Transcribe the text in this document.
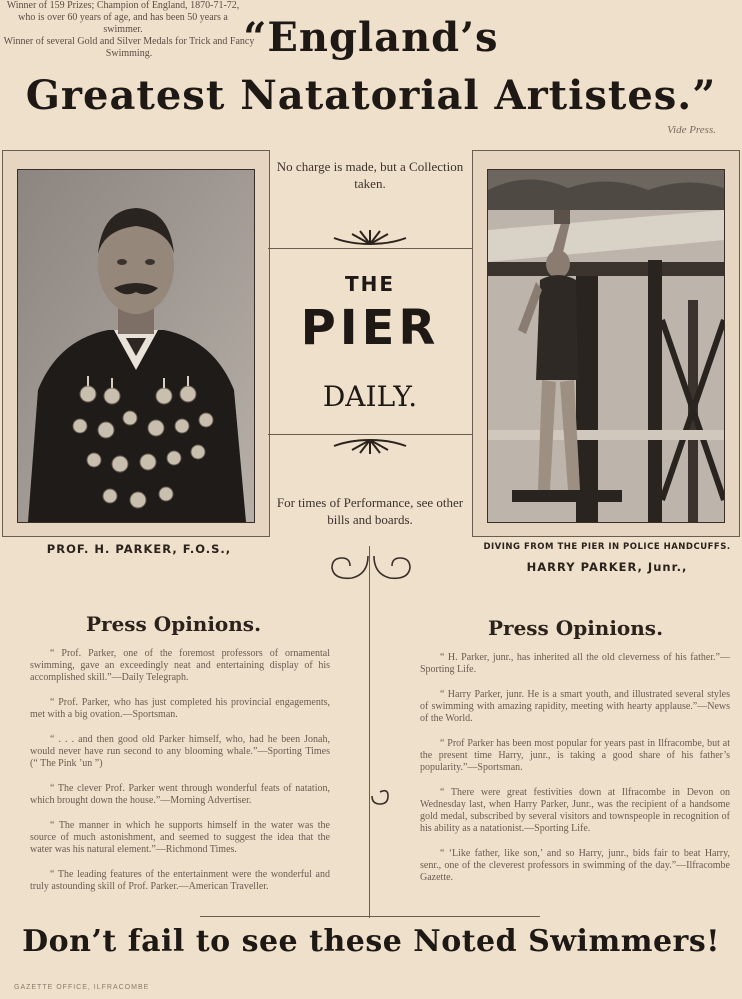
“England’s
Greatest Natatorial Artistes.”
Vide Press.
No charge is made, but a Collection taken.
THE
PIER
DAILY.
For times of Performance, see other bills and boards.
PROF. H. PARKER, F.O.S.,
Winner of 159 Prizes; Champion of England, 1870-71-72, who is over 60 years of age, and has been 50 years a swimmer.
DIVING FROM THE PIER IN POLICE HANDCUFFS.
HARRY PARKER, Junr.,
Winner of several Gold and Silver Medals for Trick and Fancy Swimming.
Press Opinions.

“ Prof. Parker, one of the foremost professors of ornamental swimming, gave an exceedingly neat and entertaining display of his accomplished skill.”—Daily Telegraph.

“ Prof. Parker, who has just completed his provincial engagements, met with a big ovation.—Sportsman.

“ . . . and then good old Parker himself, who, had he been Jonah, would never have run second to any blooming whale.”—Sporting Times (“ The Pink ’un ”)

“ The clever Prof. Parker went through wonderful feats of natation, which brought down the house.”—Morning Advertiser.

“ The manner in which he supports himself in the water was the source of much astonishment, and seemed to suggest the idea that the water was his natural element.”—Richmond Times.

“ The leading features of the entertainment were the wonderful and truly astounding skill of Prof. Parker.—American Traveller.

Press Opinions.

“ H. Parker, junr., has inherited all the old cleverness of his father.”—Sporting Life.

“ Harry Parker, junr. He is a smart youth, and illustrated several styles of swimming with amazing rapidity, meeting with hearty applause.”—News of the World.

“ Prof Parker has been most popular for years past in Ilfracombe, but at the present time Harry, junr., is taking a good share of his father’s popularity.”—Sportsman.

“ There were great festivities down at Ilfracombe in Devon on Wednesday last, when Harry Parker, Junr., was the recipient of a handsome gold medal, subscribed by several visitors and townspeople in recognition of his ability as a natationist.—Sporting Life.

“ ‘Like father, like son,’ and so Harry, junr., bids fair to beat Harry, senr., one of the cleverest professors in swimming of the day.”—Ilfracombe Gazette.

Don’t fail to see these Noted Swimmers!
GAZETTE OFFICE, ILFRACOMBE
